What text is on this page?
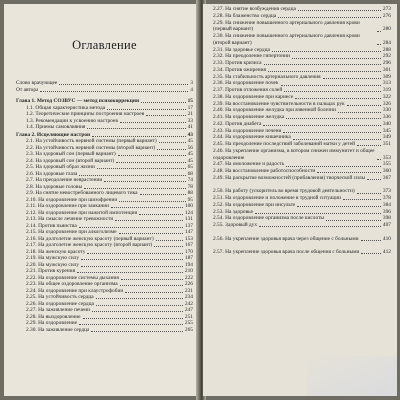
Оглавление
Слово врачующее	3
От автора	4
Глава 1. Метод СОЗВУС — метод психокоррекции	15
1.1. Общая характеристика метода	17
1.2. Теоретические принципы построения настроев	21
1.3. Рекомендации к усвоению настроев	33
1.4. Приемы самовлияния	41
Глава 2. Исцеляющие настрои	43
2.1. На устойчивость нервной системы (первый вариант)	45
2.2. На устойчивость нервной системы (второй вариант)	56
2.3. На здоровый сон (первый вариант)	45
2.4. На здоровый сон (второй вариант)	45
2.5. На здоровый образ жизни	65
2.6. На здоровые глаза	68
2.7. На преодоление неврастении	74
2.8. На здоровые головы	78
2.9. На снятие невостребованного лицевого тика	88
2.10. На оздоровление при шизофрении	95
2.11. На оздоровление при заикании	100
2.12. На оздоровление при нажитой импотенции	124
2.13. На смысле лечение тревожности	131
2.14. Против пьянства	137
2.15. На оздоровление при алкоголизме	147
2.16. На долголетие женскую красоту (первый вариант)	153
2.17. На долголетие женскую красоту (второй вариант)	167
2.18. На женскую красоту	170
2.19. На мужскую силу	187
2.20. На мужскую силу	194
2.21. Против курения	210
2.22. На оздоровление системы дыхания	222
2.23. На общее оздоровление организма	226
2.24. На оздоровление при клаустрофобии	231
2.25. На устойчивость сердца	234
2.26. На оздоровление сердца	242
2.27. На заживление печени	247
2.28. На выздоровление	251
2.29. На оздоровление	255
2.30. На заживление сердца	265
2.27. На снятие возбуждения сердца	273
2.28. На блаженство сердца	276
2.29. На снижение повышенного артериального давления крови (первый вариант)	280
2.30. На снижение повышенного артериального давления крови (второй вариант)	284
2.31. На здоровье сердца	288
2.32. На преодоление гипертонии	292
2.33. Против кризиса	296
2.34. Против ожирения	301
2.35. На стабильность артериального давления	309
2.36. На оздоровление почек	313
2.37. Против отложения солей	319
2.38. На оздоровление при кариесе	322
2.39. На восстановление чувствительности в пальцах рук	326
2.40. На оздоровление желудка при язвенной болезни	330
2.41. На оздоровление желудка	336
2.42. Против диабета	340
2.43. На оздоровление печени	345
2.44. На оздоровление кишечника	349
2.45. На преодоление последствий заболеваний матки у детей	351
2.46. На укрепление организма, в котором снижен иммунитет и общее оздоровление	353
2.47. На омоложение и радость	355
2.48. На восстановление работоспособности	360
2.49. На раскрытие возможностей (прибавления) творческой силы	367
2.50. На работу (ускоритель во время трудовой деятельности)	373
2.51. На оздоровление и положение в трудной ситуации	378
2.52. На оздоровление при инсульте	384
2.53. На здоровье	396
2.54. На оздоровление организма после кислоты	398
2.55. Здоровый дух	407
2.56. На укрепление здоровья врача через общение с больными	410
2.57. На укрепление здоровья врача после общения с больными	412
